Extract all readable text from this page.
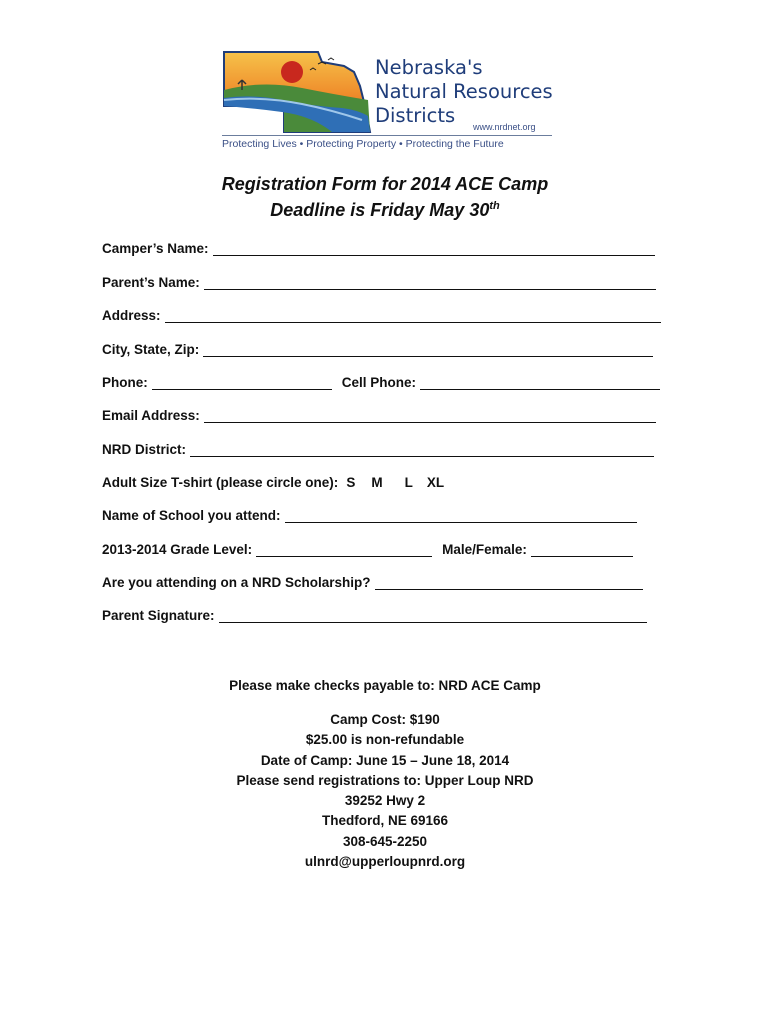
Nebraska's
Natural Resources
Districts	www.nrdnet.org
Protecting Lives • Protecting Property • Protecting the Future
Registration Form for 2014 ACE Camp
Deadline is Friday May 30th
Camper’s Name:
Parent’s Name:
Address:
City, State, Zip:
Phone:	Cell Phone:
Email Address:
NRD District:
Adult Size T-shirt (please circle one): S M L XL
Name of School you attend:
2013-2014 Grade Level:	Male/Female:
Are you attending on a NRD Scholarship?
Parent Signature:
Please make checks payable to: NRD ACE Camp
Camp Cost: $190
$25.00 is non-refundable
Date of Camp: June 15 – June 18, 2014
Please send registrations to: Upper Loup NRD
39252 Hwy 2
Thedford, NE 69166
308-645-2250
ulnrd@upperloupnrd.org
